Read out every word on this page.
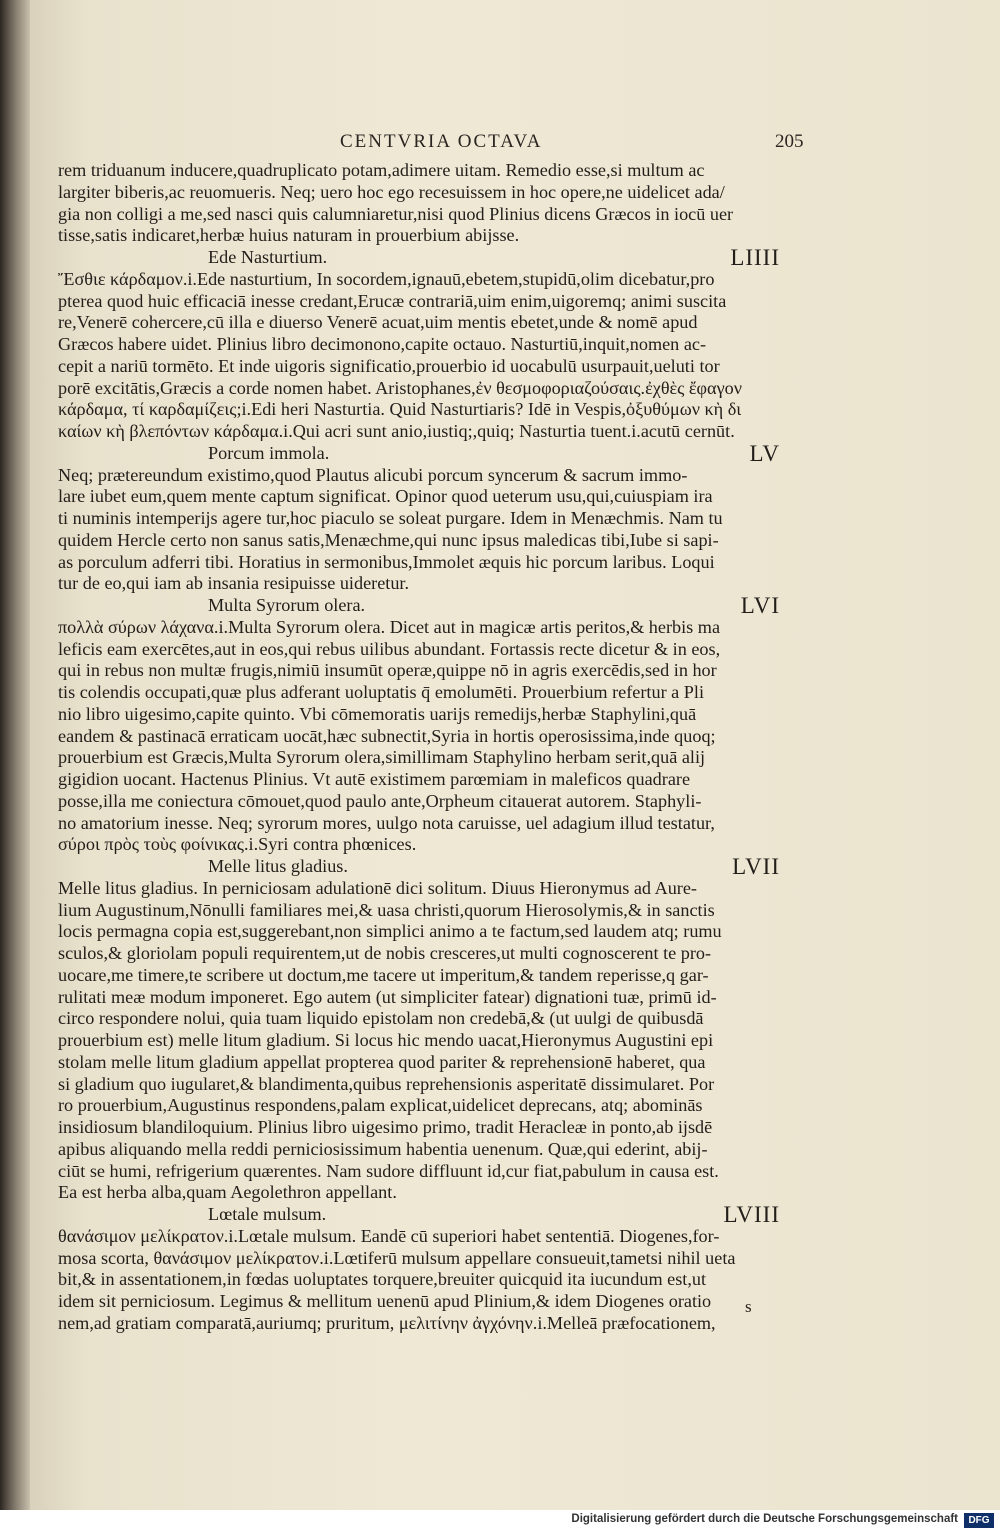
CENTVRIA OCTAVA	205
rem triduanum inducere,quadruplicato potam,adimere uitam. Remedio esse,si multum ac
largiter biberis,ac reuomueris. Neq; uero hoc ego recesuissem in hoc opere,ne uidelicet ada/
gia non colligi a me,sed nasci quis calumniaretur,nisi quod Plinius dicens Græcos in iocū uer
tisse,satis indicaret,herbæ huius naturam in prouerbium abijsse.
Ede Nasturtium.	LIIII
Ἔσθιε κάρδαμον.i.Ede nasturtium, In socordem,ignauū,ebetem,stupidū,olim dicebatur,pro
pterea quod huic efficaciā inesse credant,Erucæ contrariā,uim enim,uigoremq; animi suscita
re,Venerē cohercere,cū illa e diuerso Venerē acuat,uim mentis ebetet,unde & nomē apud
Græcos habere uidet. Plinius libro decimonono,capite octauo. Nasturtiū,inquit,nomen ac-
cepit a nariū tormēto. Et inde uigoris significatio,prouerbio id uocabulū usurpauit,ueluti tor
porē excitātis,Græcis a corde nomen habet. Aristophanes,ἐν θεσμοφοριαζούσαις.ἐχθὲς ἔφαγον
κάρδαμα, τί καρδαμίζεις;i.Edi heri Nasturtia. Quid Nasturtiaris? Idē in Vespis,ὀξυθύμων κὴ δι
καίων κὴ βλεπόντων κάρδαμα.i.Qui acri sunt anio,iustiq;,quiq; Nasturtia tuent.i.acutū cernūt.
Porcum immola.	LV
Neq; prætereundum existimo,quod Plautus alicubi porcum syncerum & sacrum immo-
lare iubet eum,quem mente captum significat. Opinor quod ueterum usu,qui,cuiuspiam ira
ti numinis intemperijs agere tur,hoc piaculo se soleat purgare. Idem in Menæchmis. Nam tu
quidem Hercle certo non sanus satis,Menæchme,qui nunc ipsus maledicas tibi,Iube si sapi-
as porculum adferri tibi. Horatius in sermonibus,Immolet æquis hic porcum laribus. Loqui
tur de eo,qui iam ab insania resipuisse uideretur.
Multa Syrorum olera.	LVI
πολλὰ σύρων λάχανα.i.Multa Syrorum olera. Dicet aut in magicæ artis peritos,& herbis ma
leficis eam exercētes,aut in eos,qui rebus uilibus abundant. Fortassis recte dicetur & in eos,
qui in rebus non multæ frugis,nimiū insumūt operæ,quippe nō in agris exercēdis,sed in hor
tis colendis occupati,quæ plus adferant uoluptatis q̄ emolumēti. Prouerbium refertur a Pli
nio libro uigesimo,capite quinto. Vbi cōmemoratis uarijs remedijs,herbæ Staphylini,quā
eandem & pastinacā erraticam uocāt,hæc subnectit,Syria in hortis operosissima,inde quoq;
prouerbium est Græcis,Multa Syrorum olera,simillimam Staphylino herbam serit,quā alij
gigidion uocant. Hactenus Plinius. Vt autē existimem parœmiam in maleficos quadrare
posse,illa me coniectura cōmouet,quod paulo ante,Orpheum citauerat autorem. Staphyli-
no amatorium inesse. Neq; syrorum mores, uulgo nota caruisse, uel adagium illud testatur,
σύροι πρὸς τοὺς φοίνικας.i.Syri contra phœnices.
Melle litus gladius.	LVII
Melle litus gladius. In perniciosam adulationē dici solitum. Diuus Hieronymus ad Aure-
lium Augustinum,Nōnulli familiares mei,& uasa christi,quorum Hierosolymis,& in sanctis
locis permagna copia est,suggerebant,non simplici animo a te factum,sed laudem atq; rumu
sculos,& gloriolam populi requirentem,ut de nobis cresceres,ut multi cognoscerent te pro-
uocare,me timere,te scribere ut doctum,me tacere ut imperitum,& tandem reperisse,q gar-
rulitati meæ modum imponeret. Ego autem (ut simpliciter fatear) dignationi tuæ, primū id-
circo respondere nolui, quia tuam liquido epistolam non credebā,& (ut uulgi de quibusdā
prouerbium est) melle litum gladium. Si locus hic mendo uacat,Hieronymus Augustini epi
stolam melle litum gladium appellat propterea quod pariter & reprehensionē haberet, qua
si gladium quo iugularet,& blandimenta,quibus reprehensionis asperitatē dissimularet. Por
ro prouerbium,Augustinus respondens,palam explicat,uidelicet deprecans, atq; abominās
insidiosum blandiloquium. Plinius libro uigesimo primo, tradit Heracleæ in ponto,ab ijsdē
apibus aliquando mella reddi perniciosissimum habentia uenenum. Quæ,qui ederint, abij-
ciūt se humi, refrigerium quærentes. Nam sudore diffluunt id,cur fiat,pabulum in causa est.
Ea est herba alba,quam Aegolethron appellant.
Lœtale mulsum.	LVIII
θανάσιμον μελίκρατον.i.Lœtale mulsum. Eandē cū superiori habet sententiā. Diogenes,for-
mosa scorta, θανάσιμον μελίκρατον.i.Lœtiferū mulsum appellare consueuit,tametsi nihil ueta
bit,& in assentationem,in fœdas uoluptates torquere,breuiter quicquid ita iucundum est,ut
idem sit perniciosum. Legimus & mellitum uenenū apud Plinium,& idem Diogenes oratio
nem,ad gratiam comparatā,auriumq; pruritum, μελιτίνην ἀγχόνην.i.Melleā præfocationem,
s
Digitalisierung gefördert durch die Deutsche Forschungsgemeinschaft	DFG
